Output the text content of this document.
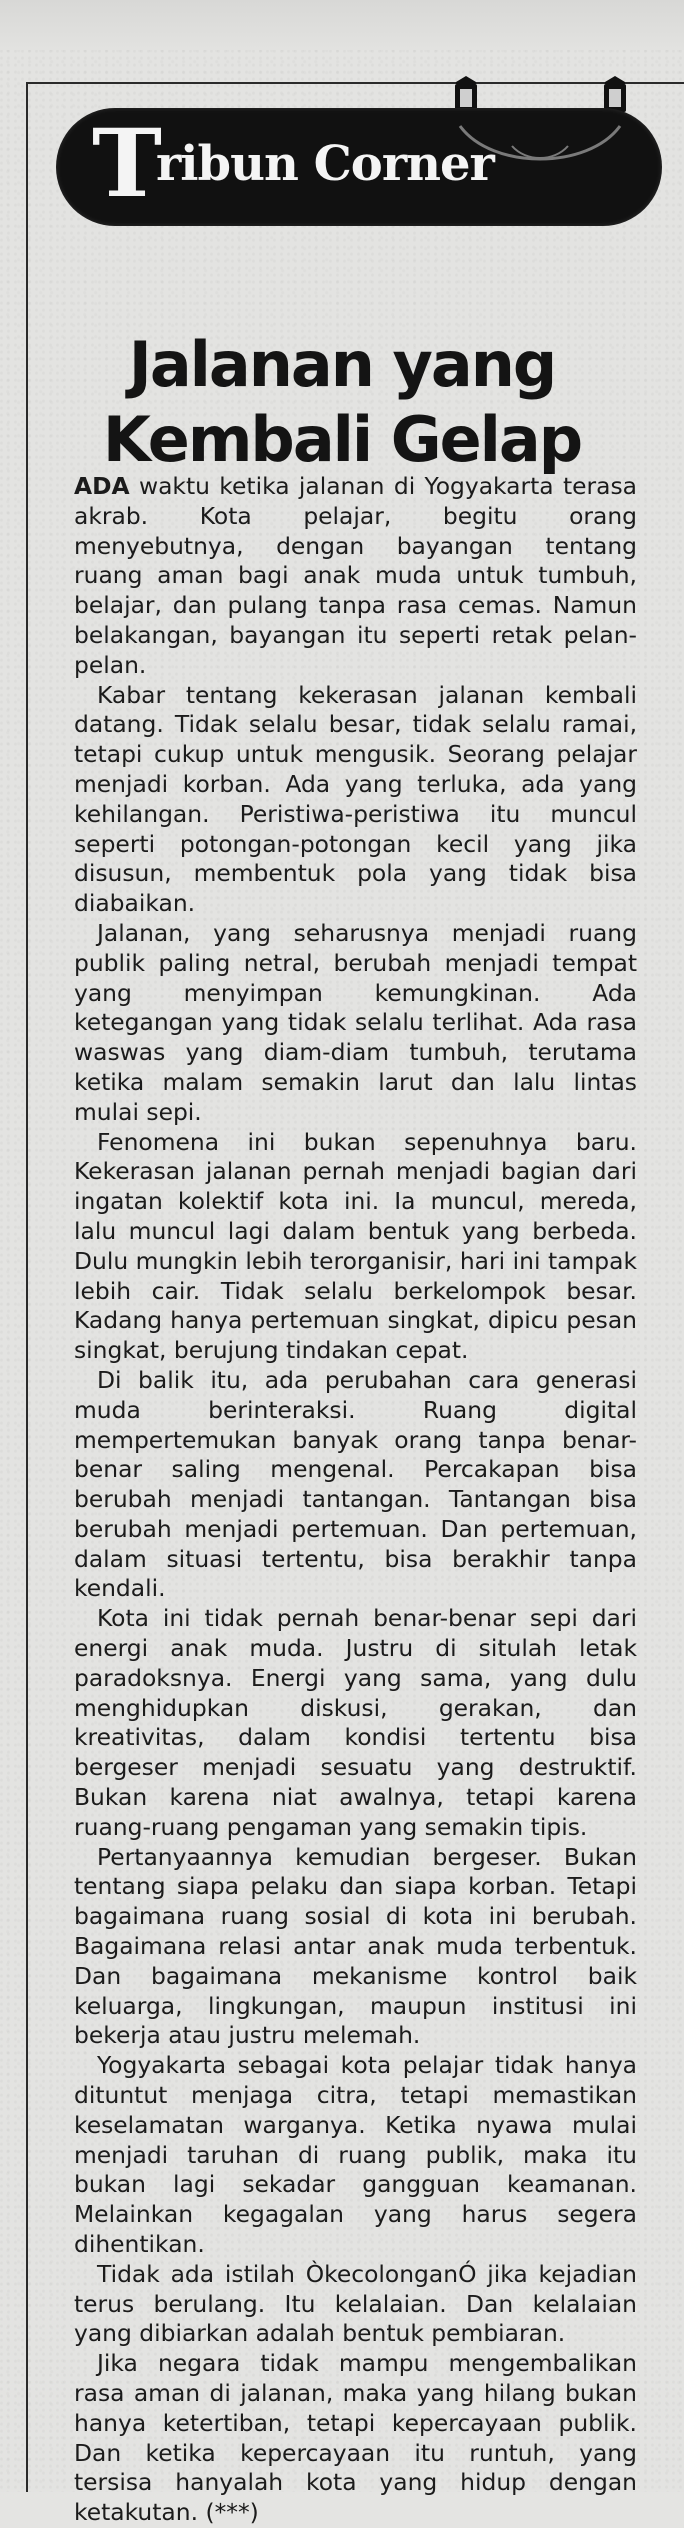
T
ribun Corner
Jalanan yang
Kembali Gelap

ADA waktu ketika jalanan di Yogyakarta terasa akrab. Kota pelajar, begitu orang menyebutnya, dengan bayangan tentang ruang aman bagi anak muda untuk tumbuh, belajar, dan pulang tanpa rasa cemas. Namun belakangan, bayangan itu seperti retak pelan-pelan.

Kabar tentang kekerasan jalanan kembali datang. Tidak selalu besar, tidak selalu ramai, tetapi cukup untuk mengusik. Seorang pelajar menjadi korban. Ada yang terluka, ada yang kehilangan. Peristiwa-peristiwa itu muncul seperti potongan-potongan kecil yang jika disusun, membentuk pola yang tidak bisa diabaikan.

Jalanan, yang seharusnya menjadi ruang publik paling netral, berubah menjadi tempat yang menyimpan kemungkinan. Ada ketegangan yang tidak selalu terlihat. Ada rasa waswas yang diam-diam tumbuh, terutama ketika malam semakin larut dan lalu lintas mulai sepi.

Fenomena ini bukan sepenuhnya baru. Kekerasan jalanan pernah menjadi bagian dari ingatan kolektif kota ini. Ia muncul, mereda, lalu muncul lagi dalam bentuk yang berbeda. Dulu mungkin lebih terorganisir, hari ini tampak lebih cair. Tidak selalu berkelompok besar. Kadang hanya pertemuan singkat, dipicu pesan singkat, berujung tindakan cepat.

Di balik itu, ada perubahan cara generasi muda berinteraksi. Ruang digital mempertemukan banyak orang tanpa benar-benar saling mengenal. Percakapan bisa berubah menjadi tantangan. Tantangan bisa berubah menjadi pertemuan. Dan pertemuan, dalam situasi tertentu, bisa berakhir tanpa kendali.

Kota ini tidak pernah benar-benar sepi dari energi anak muda. Justru di situlah letak paradoksnya. Energi yang sama, yang dulu menghidupkan diskusi, gerakan, dan kreativitas, dalam kondisi tertentu bisa bergeser menjadi sesuatu yang destruktif. Bukan karena niat awalnya, tetapi karena ruang-ruang pengaman yang semakin tipis.

Pertanyaannya kemudian bergeser. Bukan tentang siapa pelaku dan siapa korban. Tetapi bagaimana ruang sosial di kota ini berubah. Bagaimana relasi antar anak muda terbentuk. Dan bagaimana mekanisme kontrol baik keluarga, lingkungan, maupun institusi ini bekerja atau justru melemah.

Yogyakarta sebagai kota pelajar tidak hanya dituntut menjaga citra, tetapi memastikan keselamatan warganya. Ketika nyawa mulai menjadi taruhan di ruang publik, maka itu bukan lagi sekadar gangguan keamanan. Melainkan kegagalan yang harus segera dihentikan.

Tidak ada istilah ÒkecolonganÓ jika kejadian terus berulang. Itu kelalaian. Dan kelalaian yang dibiarkan adalah bentuk pembiaran.

Jika negara tidak mampu mengembalikan rasa aman di jalanan, maka yang hilang bukan hanya ketertiban, tetapi kepercayaan publik. Dan ketika kepercayaan itu runtuh, yang tersisa hanyalah kota yang hidup dengan ketakutan. (***)
